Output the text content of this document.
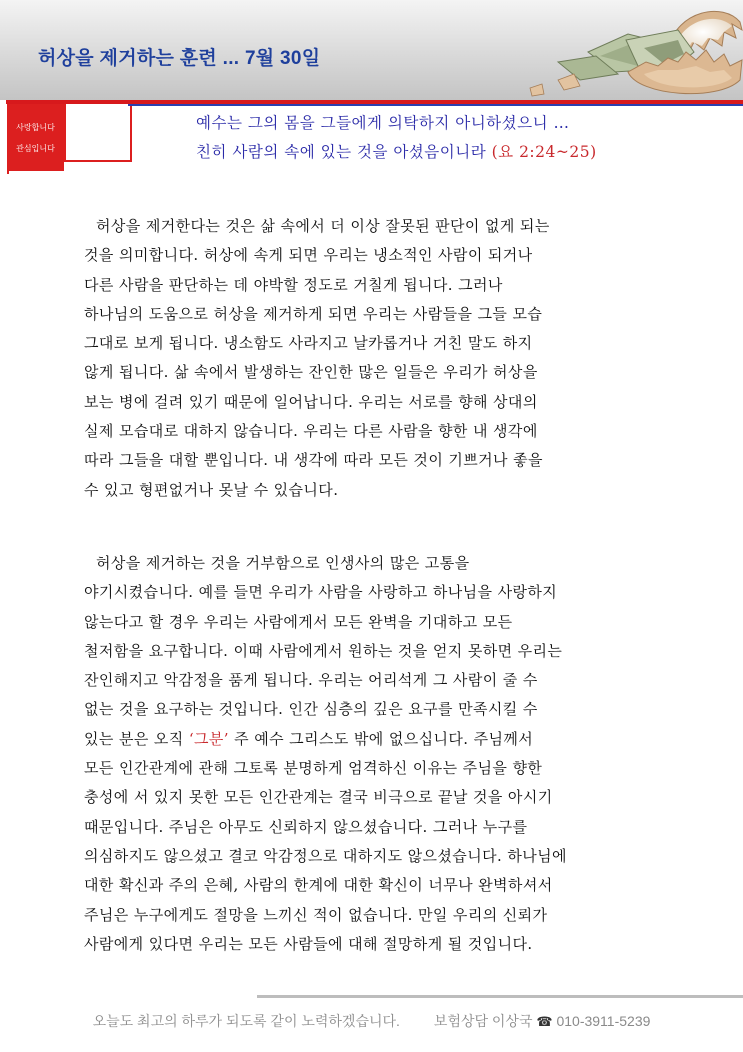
허상을 제거하는 훈련 ... 7월 30일
사랑합니다
관심입니다
예수는 그의 몸을 그들에게 의탁하지 아니하셨으니 …
친히 사람의 속에 있는 것을 아셨음이니라 (요 2:24~25)
허상을 제거한다는 것은 삶 속에서 더 이상 잘못된 판단이 없게 되는
것을 의미합니다. 허상에 속게 되면 우리는 냉소적인 사람이 되거나
다른 사람을 판단하는 데 야박할 정도로 거칠게 됩니다. 그러나
하나님의 도움으로 허상을 제거하게 되면 우리는 사람들을 그들 모습
그대로 보게 됩니다. 냉소함도 사라지고 날카롭거나 거친 말도 하지
않게 됩니다. 삶 속에서 발생하는 잔인한 많은 일들은 우리가 허상을
보는 병에 걸려 있기 때문에 일어납니다. 우리는 서로를 향해 상대의
실제 모습대로 대하지 않습니다. 우리는 다른 사람을 향한 내 생각에
따라 그들을 대할 뿐입니다. 내 생각에 따라 모든 것이 기쁘거나 좋을
수 있고 형편없거나 못날 수 있습니다.
허상을 제거하는 것을 거부함으로 인생사의 많은 고통을
야기시켰습니다. 예를 들면 우리가 사람을 사랑하고 하나님을 사랑하지
않는다고 할 경우 우리는 사람에게서 모든 완벽을 기대하고 모든
철저함을 요구합니다. 이때 사람에게서 원하는 것을 얻지 못하면 우리는
잔인해지고 악감정을 품게 됩니다. 우리는 어리석게 그 사람이 줄 수
없는 것을 요구하는 것입니다. 인간 심층의 깊은 요구를 만족시킬 수
있는 분은 오직 ‘그분’ 주 예수 그리스도 밖에 없으십니다. 주님께서
모든 인간관계에 관해 그토록 분명하게 엄격하신 이유는 주님을 향한
충성에 서 있지 못한 모든 인간관계는 결국 비극으로 끝날 것을 아시기
때문입니다. 주님은 아무도 신뢰하지 않으셨습니다. 그러나 누구를
의심하지도 않으셨고 결코 악감정으로 대하지도 않으셨습니다. 하나님에
대한 확신과 주의 은혜, 사람의 한계에 대한 확신이 너무나 완벽하셔서
주님은 누구에게도 절망을 느끼신 적이 없습니다. 만일 우리의 신뢰가
사람에게 있다면 우리는 모든 사람들에 대해 절망하게 될 것입니다.
오늘도 최고의 하루가 되도록 같이 노력하겠습니다. 보험상담 이상국 ☎ 010-3911-5239
